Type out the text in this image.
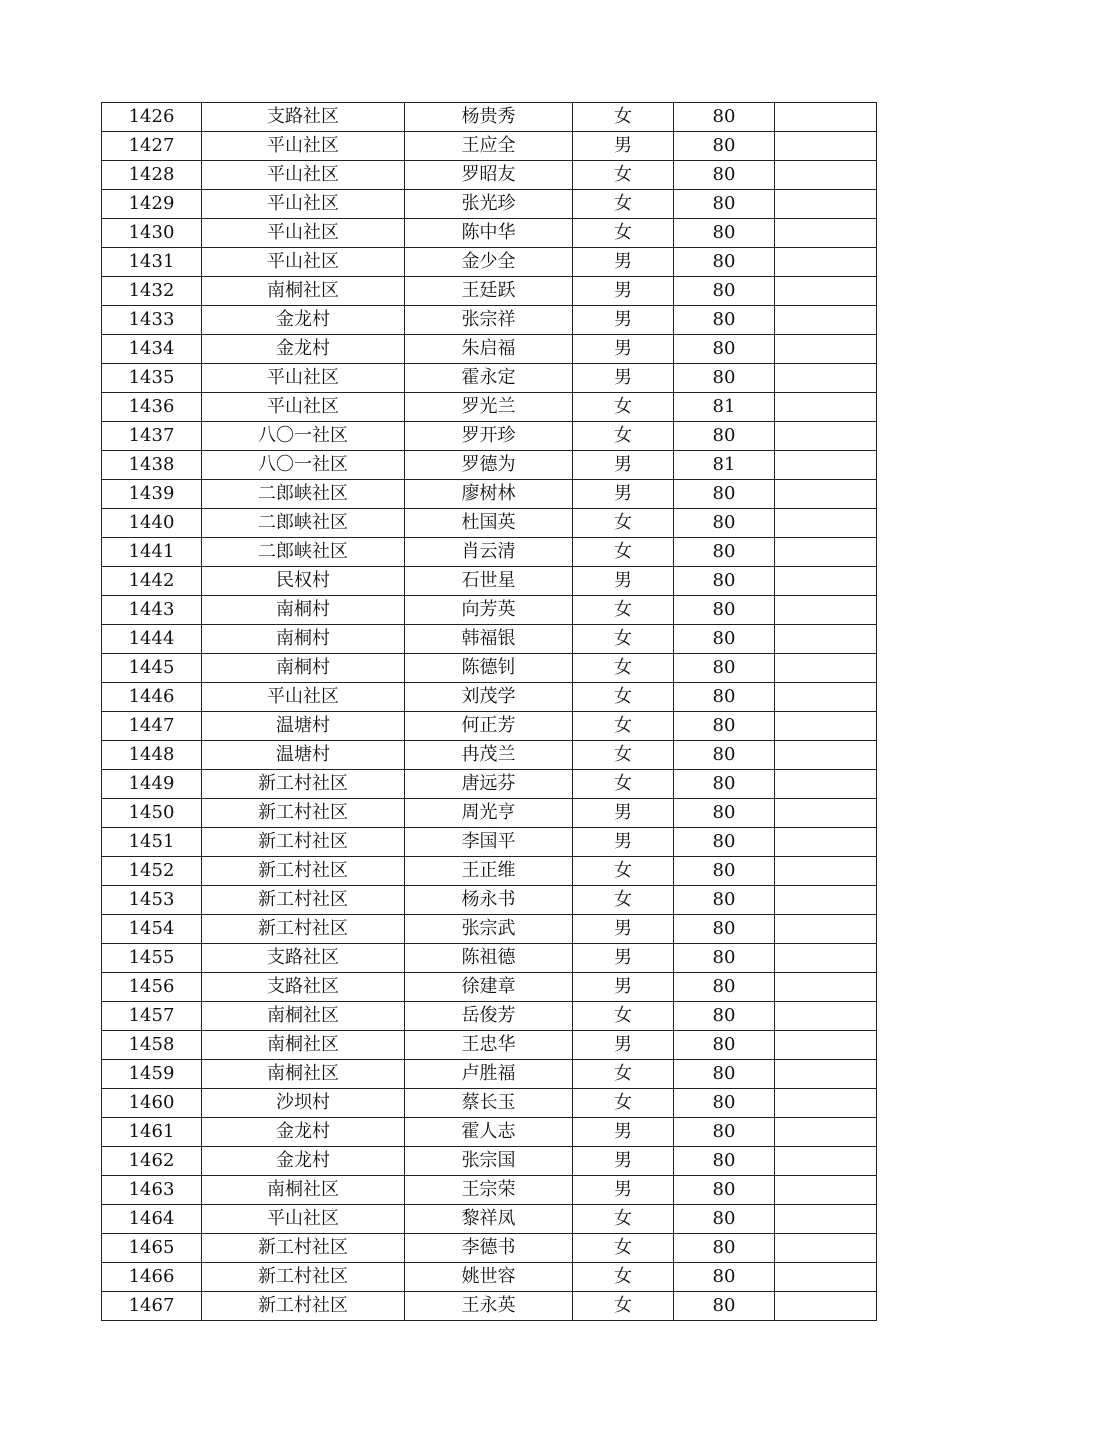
1426	支路社区	杨贵秀	女	80	
1427	平山社区	王应全	男	80	
1428	平山社区	罗昭友	女	80	
1429	平山社区	张光珍	女	80	
1430	平山社区	陈中华	女	80	
1431	平山社区	金少全	男	80	
1432	南桐社区	王廷跃	男	80	
1433	金龙村	张宗祥	男	80	
1434	金龙村	朱启福	男	80	
1435	平山社区	霍永定	男	80	
1436	平山社区	罗光兰	女	81	
1437	八〇一社区	罗开珍	女	80	
1438	八〇一社区	罗德为	男	81	
1439	二郎峡社区	廖树林	男	80	
1440	二郎峡社区	杜国英	女	80	
1441	二郎峡社区	肖云清	女	80	
1442	民权村	石世星	男	80	
1443	南桐村	向芳英	女	80	
1444	南桐村	韩福银	女	80	
1445	南桐村	陈德钊	女	80	
1446	平山社区	刘茂学	女	80	
1447	温塘村	何正芳	女	80	
1448	温塘村	冉茂兰	女	80	
1449	新工村社区	唐远芬	女	80	
1450	新工村社区	周光亨	男	80	
1451	新工村社区	李国平	男	80	
1452	新工村社区	王正维	女	80	
1453	新工村社区	杨永书	女	80	
1454	新工村社区	张宗武	男	80	
1455	支路社区	陈祖德	男	80	
1456	支路社区	徐建章	男	80	
1457	南桐社区	岳俊芳	女	80	
1458	南桐社区	王忠华	男	80	
1459	南桐社区	卢胜福	女	80	
1460	沙坝村	蔡长玉	女	80	
1461	金龙村	霍人志	男	80	
1462	金龙村	张宗国	男	80	
1463	南桐社区	王宗荣	男	80	
1464	平山社区	黎祥凤	女	80	
1465	新工村社区	李德书	女	80	
1466	新工村社区	姚世容	女	80	
1467	新工村社区	王永英	女	80	
